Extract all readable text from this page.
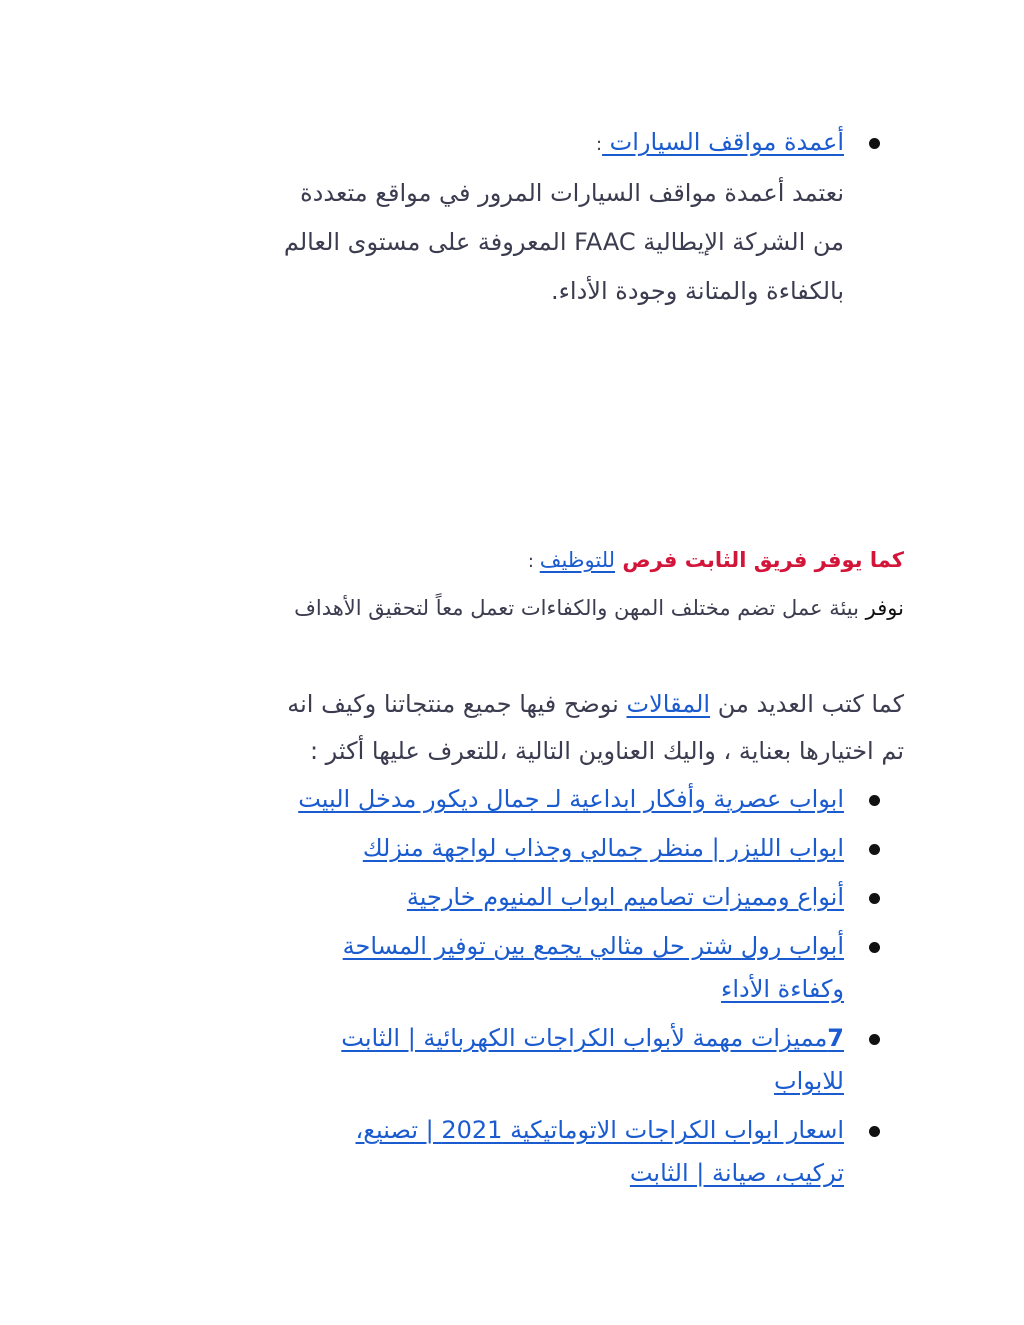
أعمدة مواقف السيارات :
نعتمد أعمدة مواقف السيارات المرور في مواقع متعددة
من الشركة الإيطالية FAAC المعروفة على مستوى العالم
بالكفاءة والمتانة وجودة الأداء.
كما يوفر فريق الثابت فرص للتوظيف :
نوفر بيئة عمل تضم مختلف المهن والكفاءات تعمل معاً لتحقيق الأهداف
كما كتب العديد من المقالات نوضح فيها جميع منتجاتنا وكيف انه
تم اختيارها بعناية ، واليك العناوين التالية ،للتعرف عليها أكثر :
ابواب عصرية وأفكار ابداعية لـ جمال ديكور مدخل البيت
ابواب الليزر | منظر جمالي وجذاب لواجهة منزلك
أنواع ومميزات تصاميم ابواب المنيوم خارجية
أبواب رول شتر حل مثالي يجمع بين توفير المساحة
وكفاءة الأداء
7مميزات مهمة لأبواب الكراجات الكهربائية | الثابت
للابواب
اسعار ابواب الكراجات الاتوماتيكية 2021 | تصنيع،
تركيب، صيانة | الثابت
